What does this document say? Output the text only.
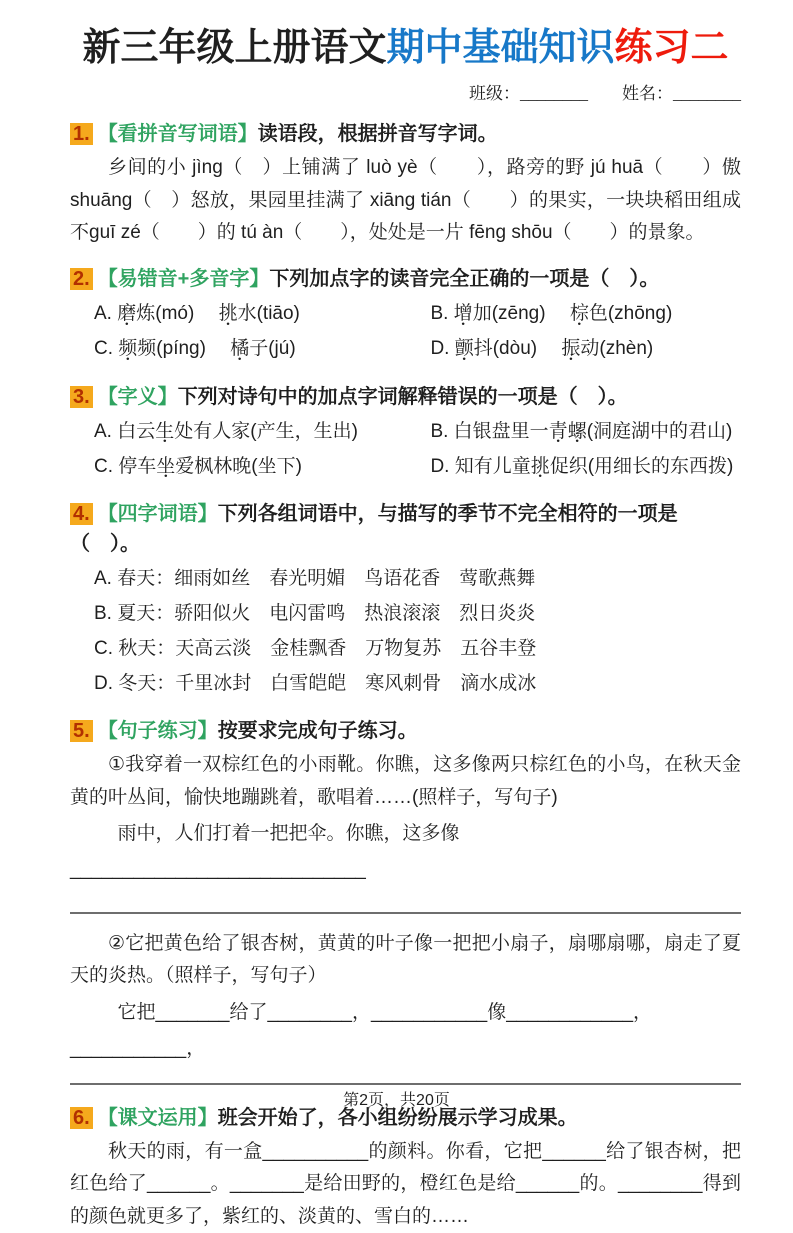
新三年级上册语文期中基础知识练习二
班级：________ 姓名：________
1. 【看拼音写词语】读语段，根据拼音写字词。

乡间的小 jìng（　）上铺满了 luò yè（　　），路旁的野 jú huā（　　）傲shuāng（　）怒放，果园里挂满了 xiāng tián（　　）的果实，一块块稻田组成不guī zé（　　）的 tú àn（　　），处处是一片 fēng shōu（　　）的景象。

2. 【易错音+多音字】下列加点字的读音完全正确的一项是（　）。
A. 磨炼(mó)　 挑水(tiāo)	B. 增加(zēng)　 棕色(zhōng)
C. 频频(píng)　 橘子(jú)	D. 颤抖(dòu)　 振动(zhèn)
3. 【字义】下列对诗句中的加点字词解释错误的一项是（　）。
A. 白云生处有人家(产生，生出)	B. 白银盘里一青螺(洞庭湖中的君山)
C. 停车坐爱枫林晚(坐下)	D. 知有儿童挑促织(用细长的东西拨)
4. 【四字词语】下列各组词语中，与描写的季节不完全相符的一项是（　）。
A. 春天：细雨如丝　春光明媚　鸟语花香　莺歌燕舞
B. 夏天：骄阳似火　电闪雷鸣　热浪滚滚　烈日炎炎
C. 秋天：天高云淡　金桂飘香　万物复苏　五谷丰登
D. 冬天：千里冰封　白雪皑皑　寒风刺骨　滴水成冰
5. 【句子练习】按要求完成句子练习。

①我穿着一双棕红色的小雨靴。你瞧，这多像两只棕红色的小鸟，在秋天金黄的叶丛间，愉快地蹦跳着，歌唱着……(照样子，写句子)

雨中，人们打着一把把伞。你瞧，这多像____________________________

②它把黄色给了银杏树，黄黄的叶子像一把把小扇子，扇哪扇哪，扇走了夏天的炎热。（照样子，写句子）

它把_______给了________，___________像____________，___________，

6. 【课文运用】班会开始了，各小组纷纷展示学习成果。

秋天的雨，有一盒__________的颜料。你看，它把______给了银杏树，把红色给了______。_______是给田野的，橙红色是给______的。________得到的颜色就更多了，紫红的、淡黄的、雪白的……

第2页，共20页
